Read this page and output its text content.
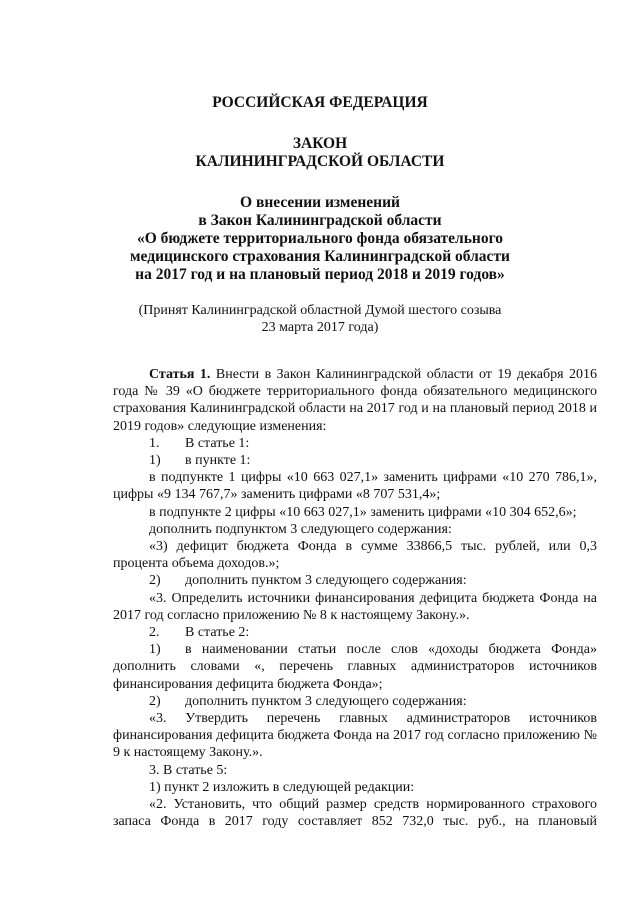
РОССИЙСКАЯ ФЕДЕРАЦИЯ
ЗАКОН
КАЛИНИНГРАДСКОЙ ОБЛАСТИ
О внесении изменений
в Закон Калининградской области
«О бюджете территориального фонда обязательного
медицинского страхования Калининградской области
на 2017 год и на плановый период 2018 и 2019 годов»
(Принят Калининградской областной Думой шестого созыва
23 марта 2017 года)

Статья 1. Внести в Закон Калининградской области от 19 декабря 2016 года № 39 «О бюджете территориального фонда обязательного медицинского страхования Калининградской области на 2017 год и на плановый период 2018 и 2019 годов» следующие изменения:

1. В статье 1:

1) в пункте 1:

в подпункте 1 цифры «10 663 027,1» заменить цифрами «10 270 786,1», цифры «9 134 767,7» заменить цифрами «8 707 531,4»;

в подпункте 2 цифры «10 663 027,1» заменить цифрами «10 304 652,6»;

дополнить подпунктом 3 следующего содержания:

«3) дефицит бюджета Фонда в сумме 33866,5 тыс. рублей, или 0,3 процента объема доходов.»;

2) дополнить пунктом 3 следующего содержания:

«3. Определить источники финансирования дефицита бюджета Фонда на 2017 год согласно приложению № 8 к настоящему Закону.».

2. В статье 2:

1) в наименовании статьи после слов «доходы бюджета Фонда» дополнить словами «, перечень главных администраторов источников финансирования дефицита бюджета Фонда»;

2) дополнить пунктом 3 следующего содержания:

«3. Утвердить перечень главных администраторов источников финансирования дефицита бюджета Фонда на 2017 год согласно приложению № 9 к настоящему Закону.».

3. В статье 5:

1) пункт 2 изложить в следующей редакции:

«2. Установить, что общий размер средств нормированного страхового запаса Фонда в 2017 году составляет 852 732,0 тыс. руб., на плановый
